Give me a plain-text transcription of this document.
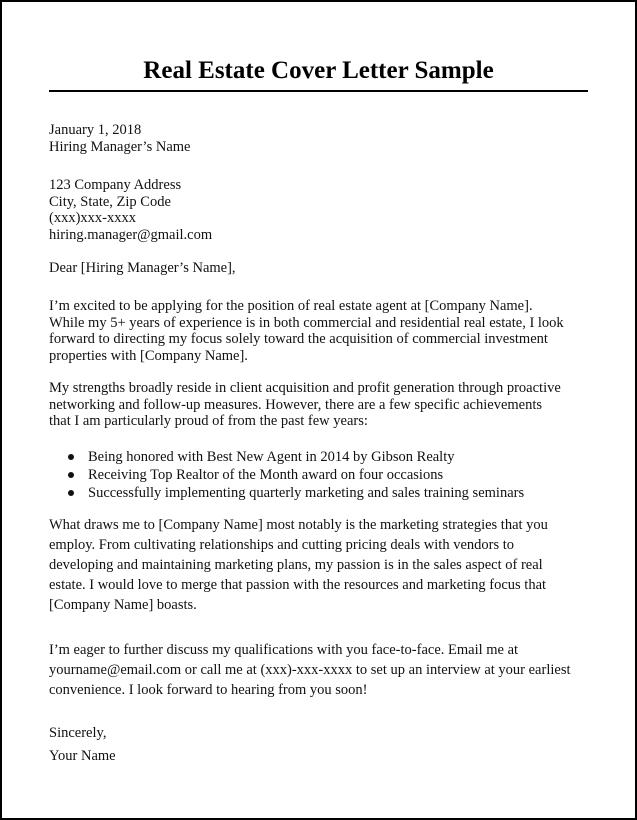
Real Estate Cover Letter Sample
January 1, 2018
Hiring Manager’s Name
123 Company Address
City, State, Zip Code
(xxx)xxx-xxxx
hiring.manager@gmail.com
Dear [Hiring Manager’s Name],
I’m excited to be applying for the position of real estate agent at [Company Name].
While my 5+ years of experience is in both commercial and residential real estate, I look
forward to directing my focus solely toward the acquisition of commercial investment
properties with [Company Name].
My strengths broadly reside in client acquisition and profit generation through proactive
networking and follow-up measures. However, there are a few specific achievements
that I am particularly proud of from the past few years:
Being honored with Best New Agent in 2014 by Gibson Realty
Receiving Top Realtor of the Month award on four occasions
Successfully implementing quarterly marketing and sales training seminars
What draws me to [Company Name] most notably is the marketing strategies that you
employ. From cultivating relationships and cutting pricing deals with vendors to
developing and maintaining marketing plans, my passion is in the sales aspect of real
estate. I would love to merge that passion with the resources and marketing focus that
[Company Name] boasts.
I’m eager to further discuss my qualifications with you face-to-face. Email me at
yourname@email.com or call me at (xxx)-xxx-xxxx to set up an interview at your earliest
convenience. I look forward to hearing from you soon!
Sincerely,
Your Name
